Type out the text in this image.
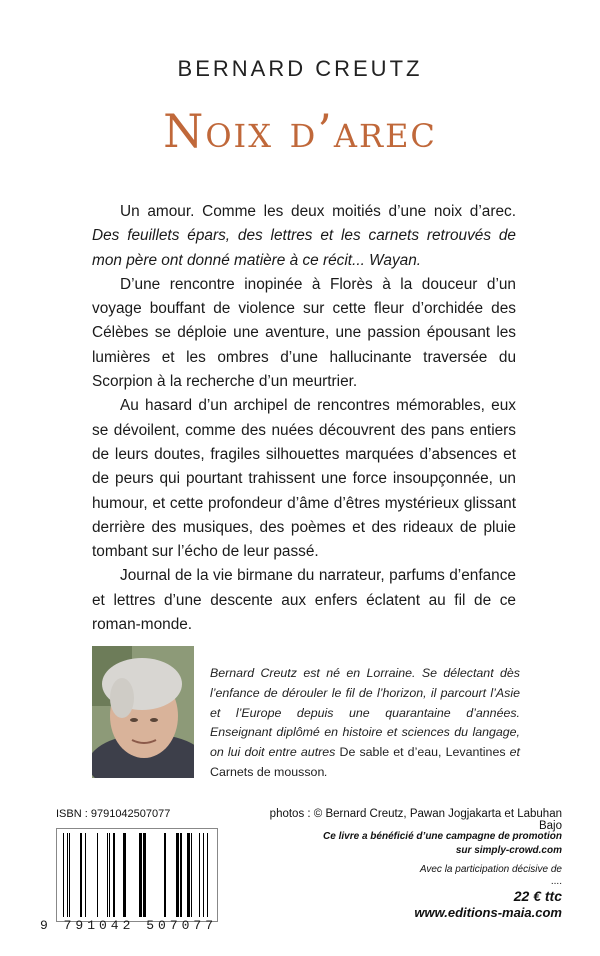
BERNARD CREUTZ
Noix d’arec

Un amour. Comme les deux moitiés d’une noix d’arec. Des feuillets épars, des lettres et les carnets retrouvés de mon père ont donné matière à ce récit... Wayan.

D’une rencontre inopinée à Florès à la douceur d’un voyage bouffant de violence sur cette fleur d’orchidée des Célèbes se déploie une aventure, une passion épousant les lumières et les ombres d’une hallucinante traversée du Scorpion à la recherche d’un meurtrier.

Au hasard d’un archipel de rencontres mémorables, eux se dévoilent, comme des nuées découvrent des pans entiers de leurs doutes, fragiles silhouettes marquées d’absences et de peurs qui pourtant trahissent une force insoupçonnée, un humour, et cette profondeur d’âme d’êtres mystérieux glissant derrière des musiques, des poèmes et des rideaux de pluie tombant sur l’écho de leur passé.

Journal de la vie birmane du narrateur, parfums d’enfance et lettres d’une descente aux enfers éclatent au fil de ce roman-monde.

Bernard Creutz est né en Lorraine. Se délectant dès l’enfance de dérouler le fil de l’horizon, il parcourt l’Asie et l’Europe depuis une quarantaine d’années. Enseignant diplômé en histoire et sciences du langage, on lui doit entre autres De sable et d’eau, Levantines et Carnets de mousson.
ISBN : 9791042507077
9 791042 507077
photos : © Bernard Creutz, Pawan Jogjakarta et Labuhan Bajo
Ce livre a bénéficié d’une campagne de promotion
sur simply-crowd.com
Avec la participation décisive de
....
22 € ttc
www.editions-maia.com
